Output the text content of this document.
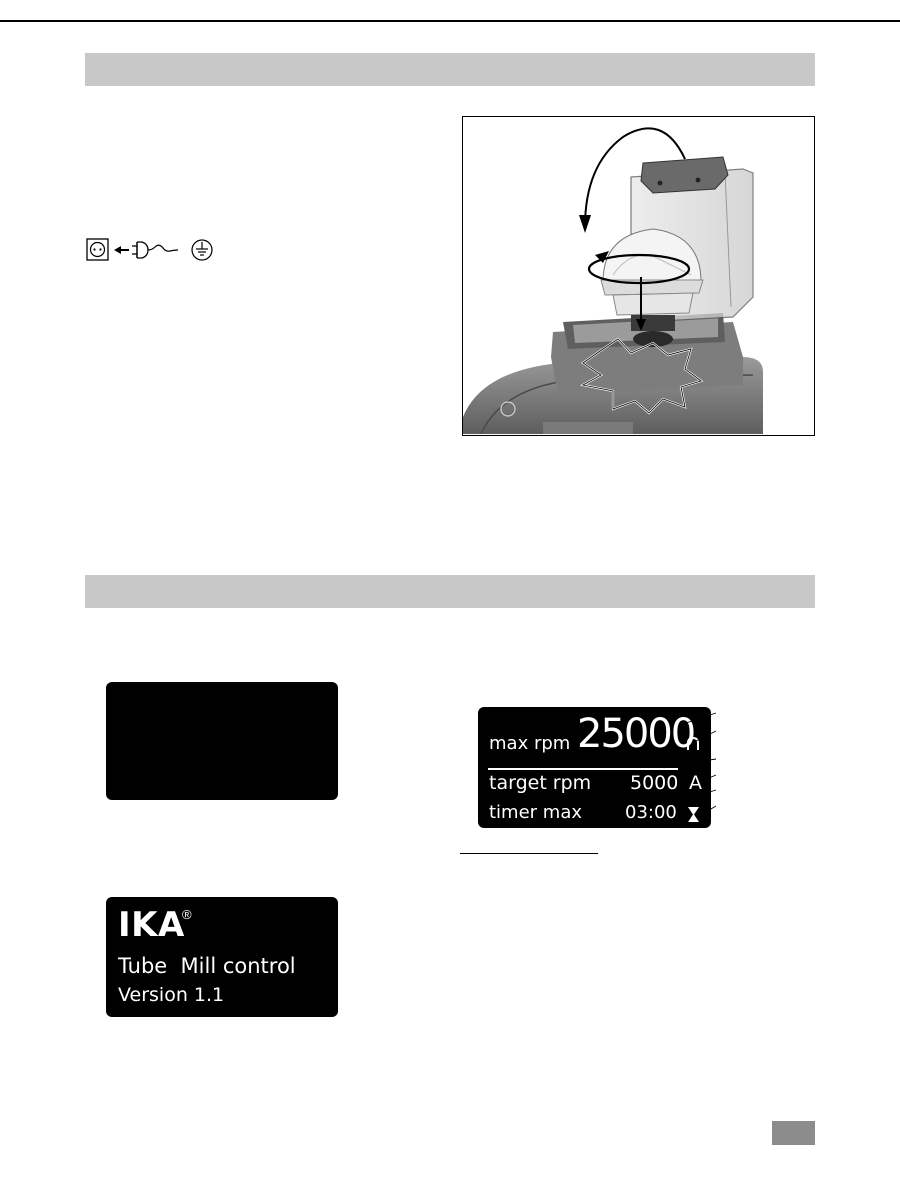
IKA
®
Tube  Mill control
Version 1.1
max rpm 25000
target rpm 5000 A
timer max 03:00
